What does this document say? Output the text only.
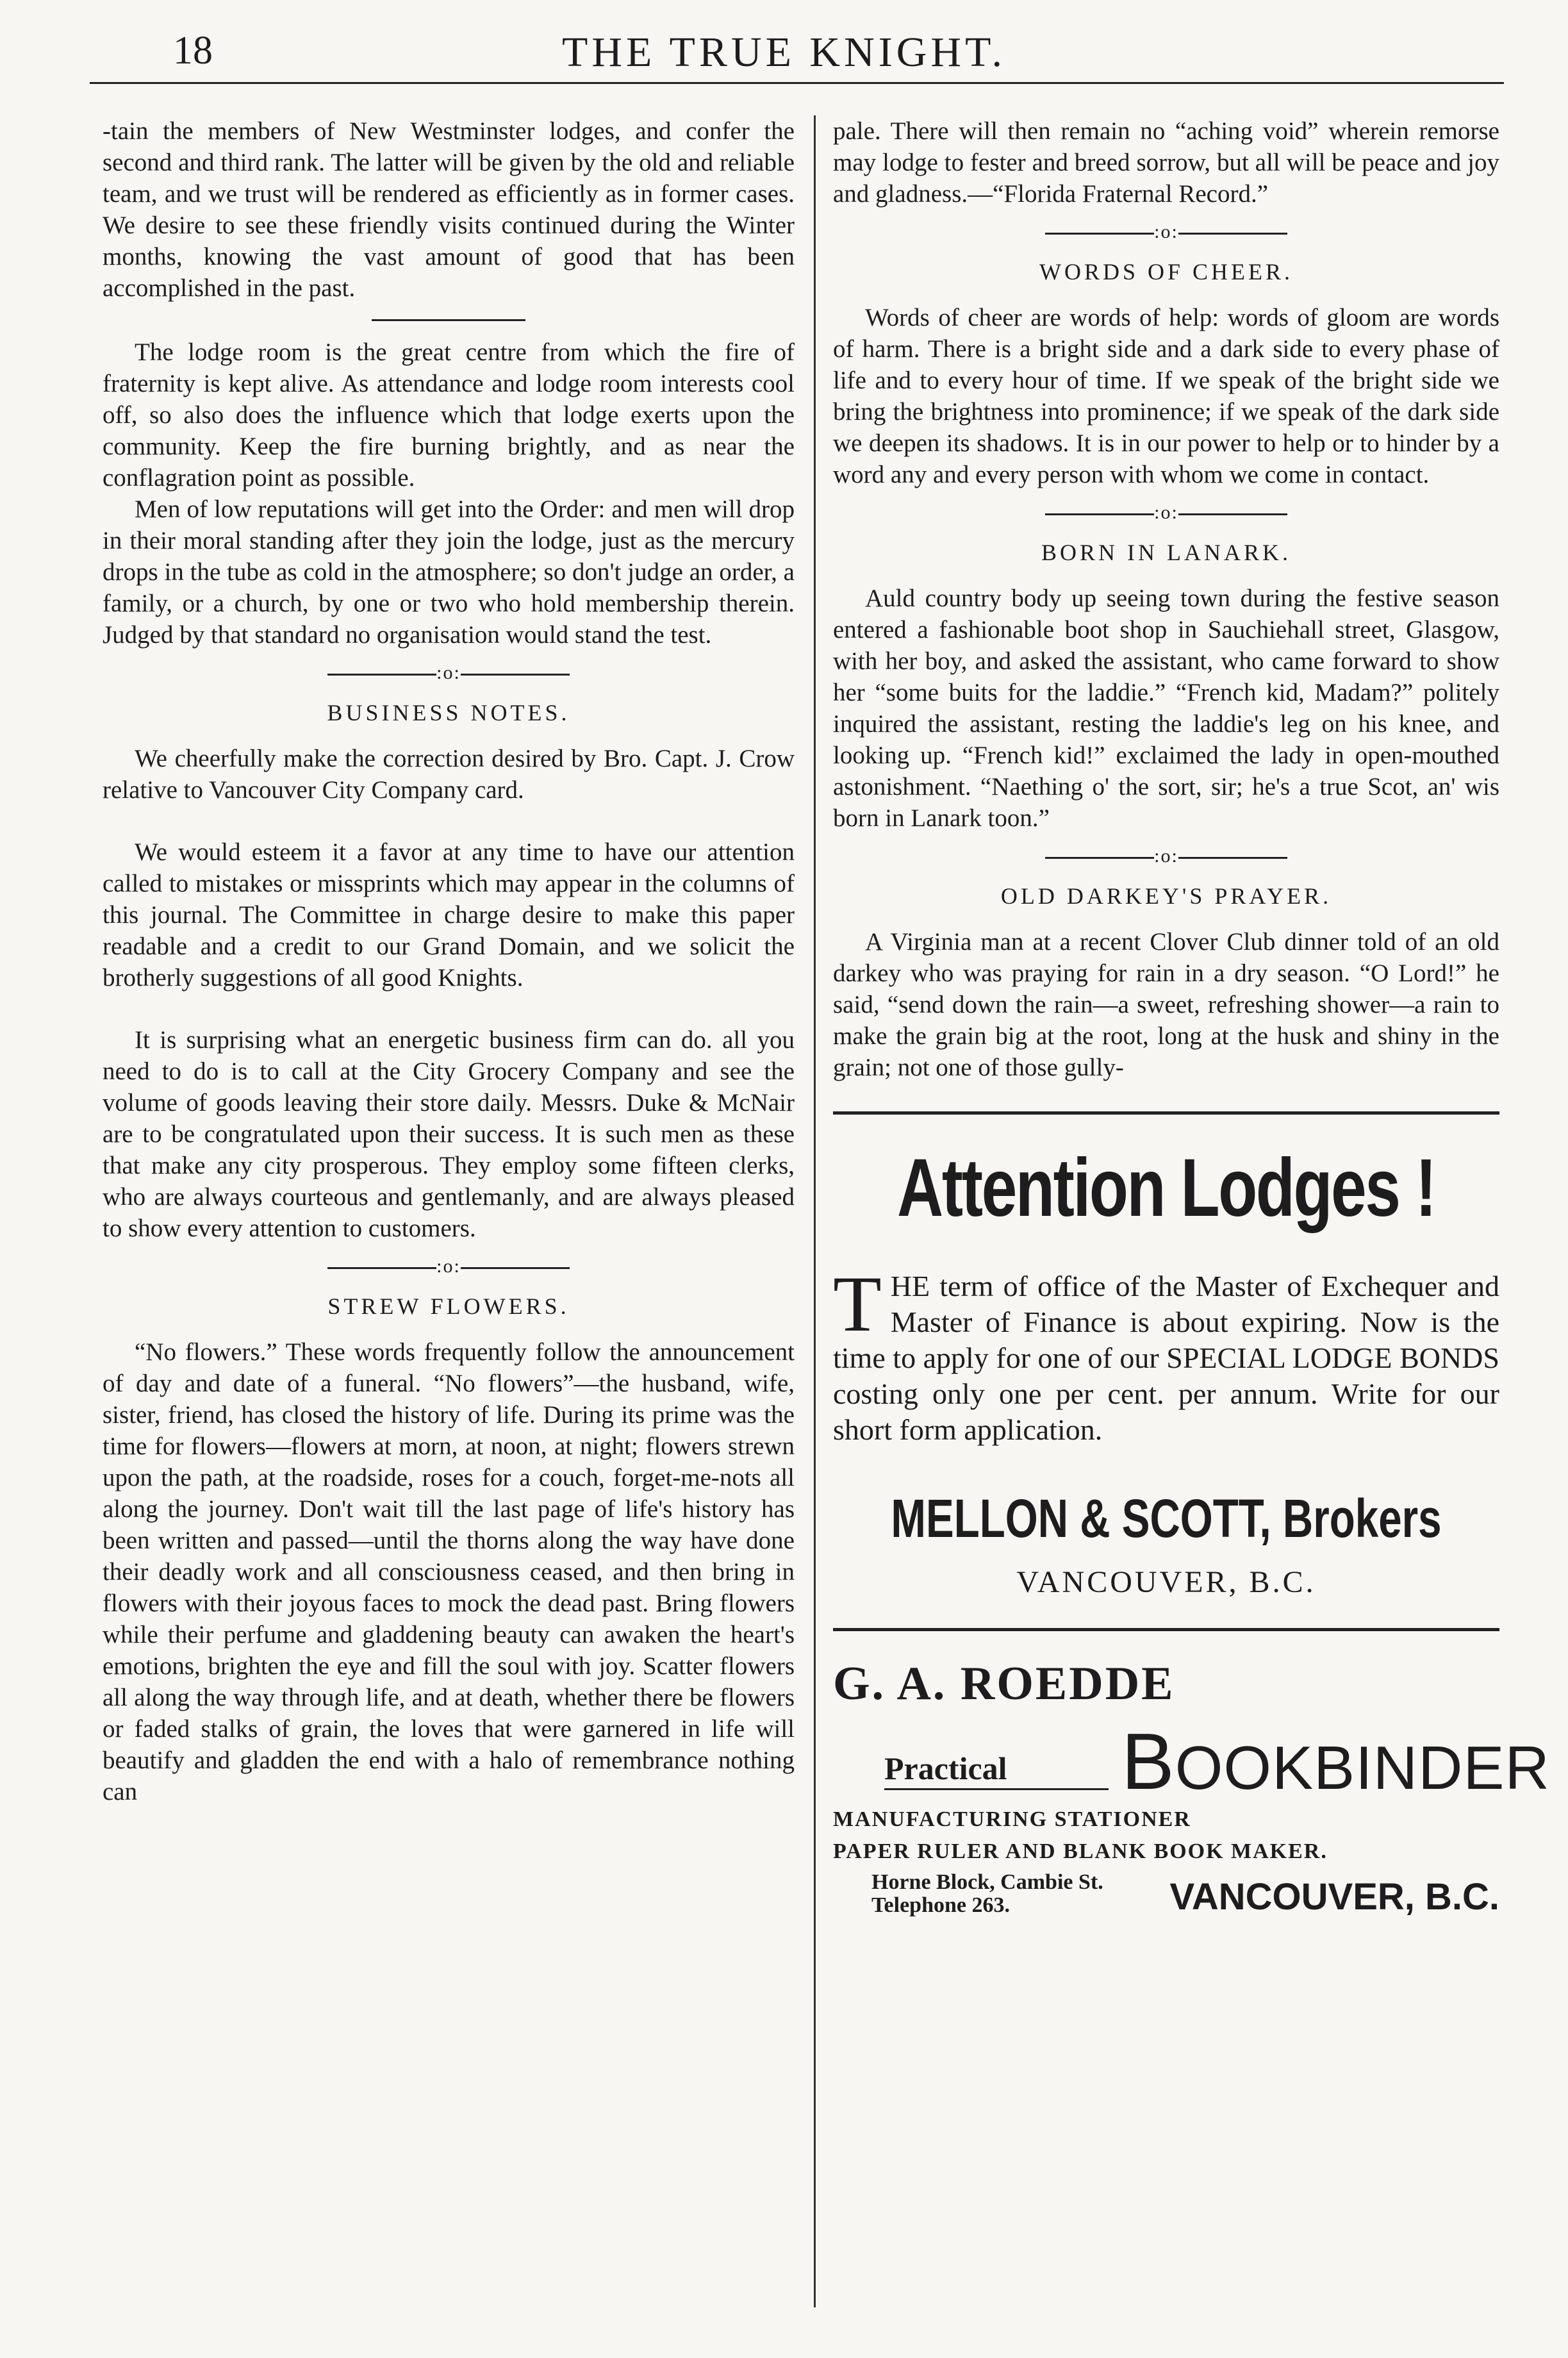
18	THE TRUE KNIGHT.

-tain the members of New Westminster lodges, and confer the second and third rank. The latter will be given by the old and reliable team, and we trust will be rendered as efficiently as in former cases. We desire to see these friendly visits continued during the Winter months, knowing the vast amount of good that has been accomplished in the past.

The lodge room is the great centre from which the fire of fraternity is kept alive. As attendance and lodge room interests cool off, so also does the influence which that lodge exerts upon the community. Keep the fire burning brightly, and as near the conflagration point as possible.

Men of low reputations will get into the Order: and men will drop in their moral standing after they join the lodge, just as the mercury drops in the tube as cold in the atmosphere; so don't judge an order, a family, or a church, by one or two who hold membership therein. Judged by that standard no organisation would stand the test.

:o:
BUSINESS NOTES.

We cheerfully make the correction desired by Bro. Capt. J. Crow relative to Vancouver City Company card.

We would esteem it a favor at any time to have our attention called to mistakes or missprints which may appear in the columns of this journal. The Committee in charge desire to make this paper readable and a credit to our Grand Domain, and we solicit the brotherly suggestions of all good Knights.

It is surprising what an energetic business firm can do. all you need to do is to call at the City Grocery Company and see the volume of goods leaving their store daily. Messrs. Duke & McNair are to be congratulated upon their success. It is such men as these that make any city prosperous. They employ some fifteen clerks, who are always courteous and gentlemanly, and are always pleased to show every attention to customers.

:o:
STREW FLOWERS.

“No flowers.” These words frequently follow the announcement of day and date of a funeral. “No flowers”—the husband, wife, sister, friend, has closed the history of life. During its prime was the time for flowers—flowers at morn, at noon, at night; flowers strewn upon the path, at the roadside, roses for a couch, forget-me-nots all along the journey. Don't wait till the last page of life's history has been written and passed—until the thorns along the way have done their deadly work and all consciousness ceased, and then bring in flowers with their joyous faces to mock the dead past. Bring flowers while their perfume and gladdening beauty can awaken the heart's emotions, brighten the eye and fill the soul with joy. Scatter flowers all along the way through life, and at death, whether there be flowers or faded stalks of grain, the loves that were garnered in life will beautify and gladden the end with a halo of remembrance nothing can

pale. There will then remain no “aching void” wherein remorse may lodge to fester and breed sorrow, but all will be peace and joy and gladness.—“Florida Fraternal Record.”

:o:
WORDS OF CHEER.

Words of cheer are words of help: words of gloom are words of harm. There is a bright side and a dark side to every phase of life and to every hour of time. If we speak of the bright side we bring the brightness into prominence; if we speak of the dark side we deepen its shadows. It is in our power to help or to hinder by a word any and every person with whom we come in contact.

:o:
BORN IN LANARK.

Auld country body up seeing town during the festive season entered a fashionable boot shop in Sauchiehall street, Glasgow, with her boy, and asked the assistant, who came forward to show her “some buits for the laddie.” “French kid, Madam?” politely inquired the assistant, resting the laddie's leg on his knee, and looking up. “French kid!” exclaimed the lady in open-mouthed astonishment. “Naething o' the sort, sir; he's a true Scot, an' wis born in Lanark toon.”

:o:
OLD DARKEY'S PRAYER.

A Virginia man at a recent Clover Club dinner told of an old darkey who was praying for rain in a dry season. “O Lord!” he said, “send down the rain—a sweet, refreshing shower—a rain to make the grain big at the root, long at the husk and shiny in the grain; not one of those gully-

Attention Lodges !

THE term of office of the Master of Exchequer and Master of Finance is about expiring. Now is the time to apply for one of our SPECIAL LODGE BONDS costing only one per cent. per annum. Write for our short form application.

MELLON & SCOTT, Brokers
VANCOUVER, B.C.
G. A. ROEDDE
Practical BOOKBINDER
MANUFACTURING STATIONER
PAPER RULER AND BLANK BOOK MAKER.
Horne Block, Cambie St.
Telephone 263.	VANCOUVER, B.C.
